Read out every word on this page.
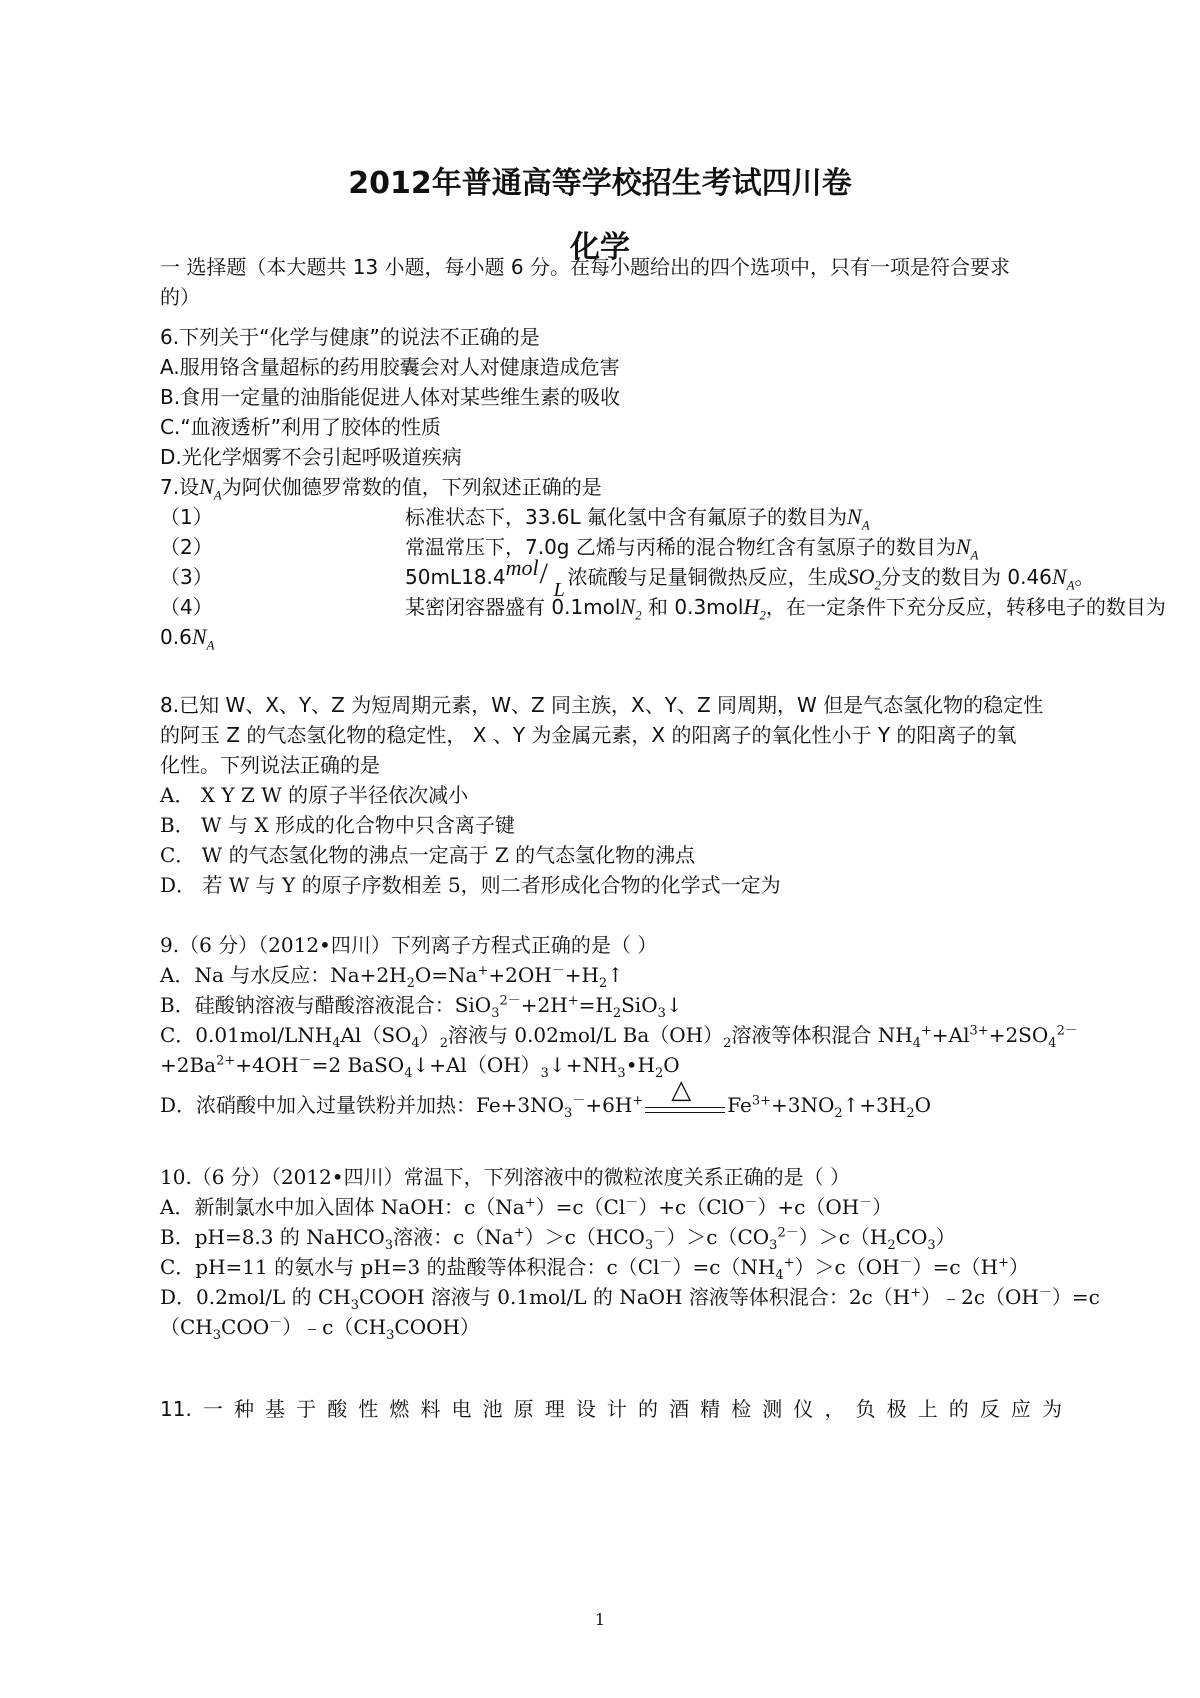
2012年普通高等学校招生考试四川卷
化学
一 选择题（本大题共 13 小题，每小题 6 分。在每小题给出的四个选项中，只有一项是符合要求
的）
6.下列关于“化学与健康”的说法不正确的是
A.服用铬含量超标的药用胶囊会对人对健康造成危害
B.食用一定量的油脂能促进人体对某些维生素的吸收
C.“血液透析”利用了胶体的性质
D.光化学烟雾不会引起呼吸道疾病
7.设$N_A$为阿伏伽德罗常数的值，下列叙述正确的是
（1）	标准状态下，33.6L 氟化氢中含有氟原子的数目为$N_A$
（2）	常温常压下，7.0g 乙烯与丙稀的混合物红含有氢原子的数目为$N_A$
（3）	50mL18.4 mol / L
浓硫酸与足量铜微热反应，生成$SO_2$分支的数目为 $0.46N_A$。
（4）	某密闭容器盛有 0.1molN$_2$ 和 0.3molH$_2$，在一定条件下充分反应，转移电子的数目为
$0.6N_A$
8.已知 W、X、Y、Z 为短周期元素，W、Z 同主族，X、Y、Z 同周期，W 但是气态氢化物的稳定性
的阿玉 Z 的气态氢化物的稳定性， X 、Y 为金属元素，X 的阳离子的氧化性小于 Y 的阳离子的氧
化性。下列说法正确的是
A． X Y Z W 的原子半径依次减小
B． W 与 X 形成的化合物中只含离子键
C． W 的气态氢化物的沸点一定高于 Z 的气态氢化物的沸点
D． 若 W 与 Y 的原子序数相差 5，则二者形成化合物的化学式一定为
9.（6 分）（2012•四川）下列离子方程式正确的是（ ）
A．Na 与水反应：$Na+2H_2O=Na^++2OH^-+H_2↑$
B．硅酸钠溶液与醋酸溶液混合：$SiO_3^{2-}+2H^+=H_2SiO_3↓$
C．$0.01mol/LNH_4Al(SO_4)_2$溶液与 0.02mol/L $Ba(OH)_2$溶液等体积混合 $NH_4^++Al^{3+}+2SO_4^{2-}$
$+2Ba^{2+}+4OH^-=2$ $BaSO_4↓+Al(OH)_3↓+NH_3•H_2O$
D．浓硝酸中加入过量铁粉并加热：$Fe+3NO_3^-+6H^+$ △
$Fe^{3+}+3NO_2↑+3H_2O$
10.（6 分）（2012•四川）常温下，下列溶液中的微粒浓度关系正确的是（ ）
A．新制氯水中加入固体 NaOH：c（Na+）=c（Cl－）+c（ClO－）+c（OH－）
B．pH=8.3 的 NaHCO$_3$溶液：$c(Na^+)>c(HCO_3^-)>c(CO_3^{2-})>c(H_2CO_3)$
C．pH=11 的氨水与 pH=3 的盐酸等体积混合：$c(Cl^-)=c(NH_4^+)>c(OH^-)=c(H^+)$
D．0.2mol/L 的 $CH_3COOH$ 溶液与 0.1mol/L 的 NaOH 溶液等体积混合：2c（H+）﹣2c（OH－）=c
$(CH_3COO^-)﹣c(CH_3COOH)$
11. 一 种 基 于 酸 性 燃 料 电 池 原 理 设 计 的 酒 精 检 测 仪 ， 负 极 上 的 反 应 为
1
